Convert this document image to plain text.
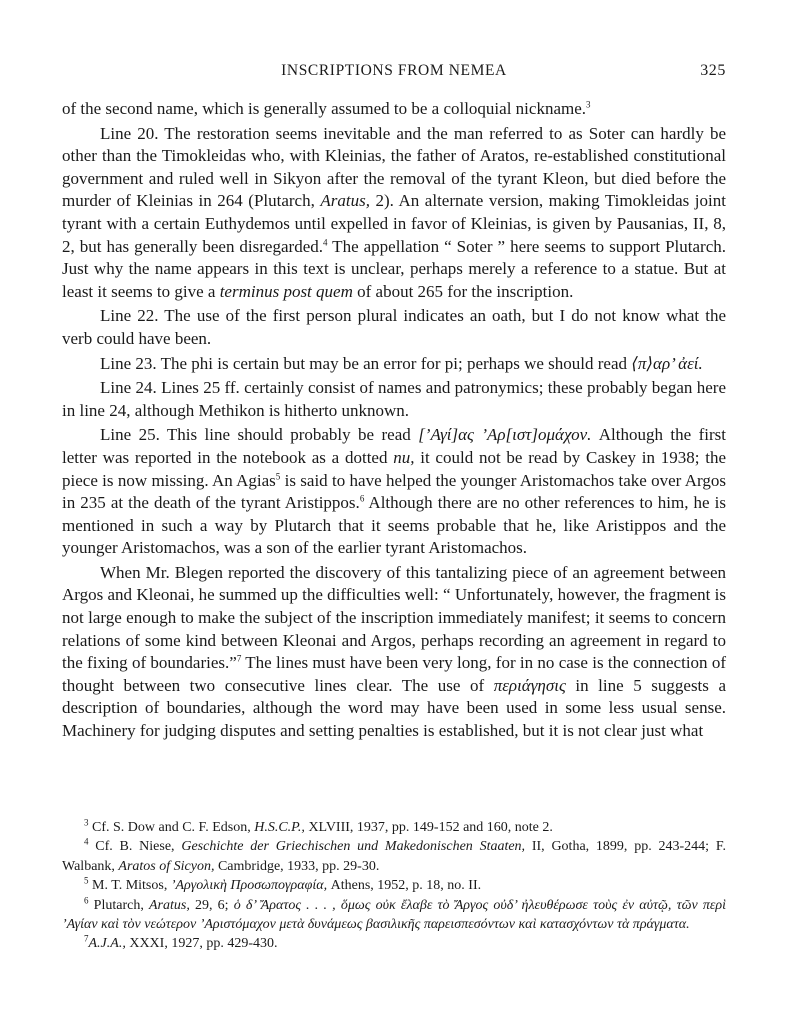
INSCRIPTIONS FROM NEMEA	325

of the second name, which is generally assumed to be a colloquial nickname.$^3$

Line 20. The restoration seems inevitable and the man referred to as Soter can hardly be other than the Timokleidas who, with Kleinias, the father of Aratos, re-established constitutional government and ruled well in Sikyon after the removal of the tyrant Kleon, but died before the murder of Kleinias in 264 (Plutarch, Aratus, 2). An alternate version, making Timokleidas joint tyrant with a certain Euthydemos until expelled in favor of Kleinias, is given by Pausanias, II, 8, 2, but has generally been disregarded.$^4$ The appellation “ Soter ” here seems to support Plutarch. Just why the name appears in this text is unclear, perhaps merely a reference to a statue. But at least it seems to give a terminus post quem of about 265 for the inscription.

Line 22. The use of the first person plural indicates an oath, but I do not know what the verb could have been.

Line 23. The phi is certain but may be an error for pi; perhaps we should read ⟨π⟩αρ’ ἀεί.

Line 24. Lines 25 ff. certainly consist of names and patronymics; these probably began here in line 24, although Methikon is hitherto unknown.

Line 25. This line should probably be read [’Αγί]ας ’Αρ[ιστ]ομάχον. Although the first letter was reported in the notebook as a dotted nu, it could not be read by Caskey in 1938; the piece is now missing. An Agias$^5$ is said to have helped the younger Aristomachos take over Argos in 235 at the death of the tyrant Aristippos.$^6$ Although there are no other references to him, he is mentioned in such a way by Plutarch that it seems probable that he, like Aristippos and the younger Aristomachos, was a son of the earlier tyrant Aristomachos.

When Mr. Blegen reported the discovery of this tantalizing piece of an agreement between Argos and Kleonai, he summed up the difficulties well: “ Unfortunately, however, the fragment is not large enough to make the subject of the inscription immediately manifest; it seems to concern relations of some kind between Kleonai and Argos, perhaps recording an agreement in regard to the fixing of boundaries.”$^7$ The lines must have been very long, for in no case is the connection of thought between two consecutive lines clear. The use of περιάγησις in line 5 suggests a description of boundaries, although the word may have been used in some less usual sense. Machinery for judging disputes and setting penalties is established, but it is not clear just what

$^3$ Cf. S. Dow and C. F. Edson, H.S.C.P., XLVIII, 1937, pp. 149-152 and 160, note 2.

$^4$ Cf. B. Niese, Geschichte der Griechischen und Makedonischen Staaten, II, Gotha, 1899, pp. 243-244; F. Walbank, Aratos of Sicyon, Cambridge, 1933, pp. 29-30.

$^5$ M. T. Mitsos, ’Αργολικὴ Προσωπογραφία, Athens, 1952, p. 18, no. II.

$^6$ Plutarch, Aratus, 29, 6; ὁ δ’ Ἄρατος . . . , ὅμως οὐκ ἔλαβε τὸ Ἄργος οὐδ’ ἠλευθέρωσε τοὺς ἐν αὐτῷ, τῶν περὶ ’Αγίαν καὶ τὸν νεώτερον ’Αριστόμαχον μετὰ δυνάμεως βασιλικῆς παρεισπεσόντων καὶ κατασχόντων τὰ πράγματα.

$^7$A.J.A., XXXI, 1927, pp. 429-430.
